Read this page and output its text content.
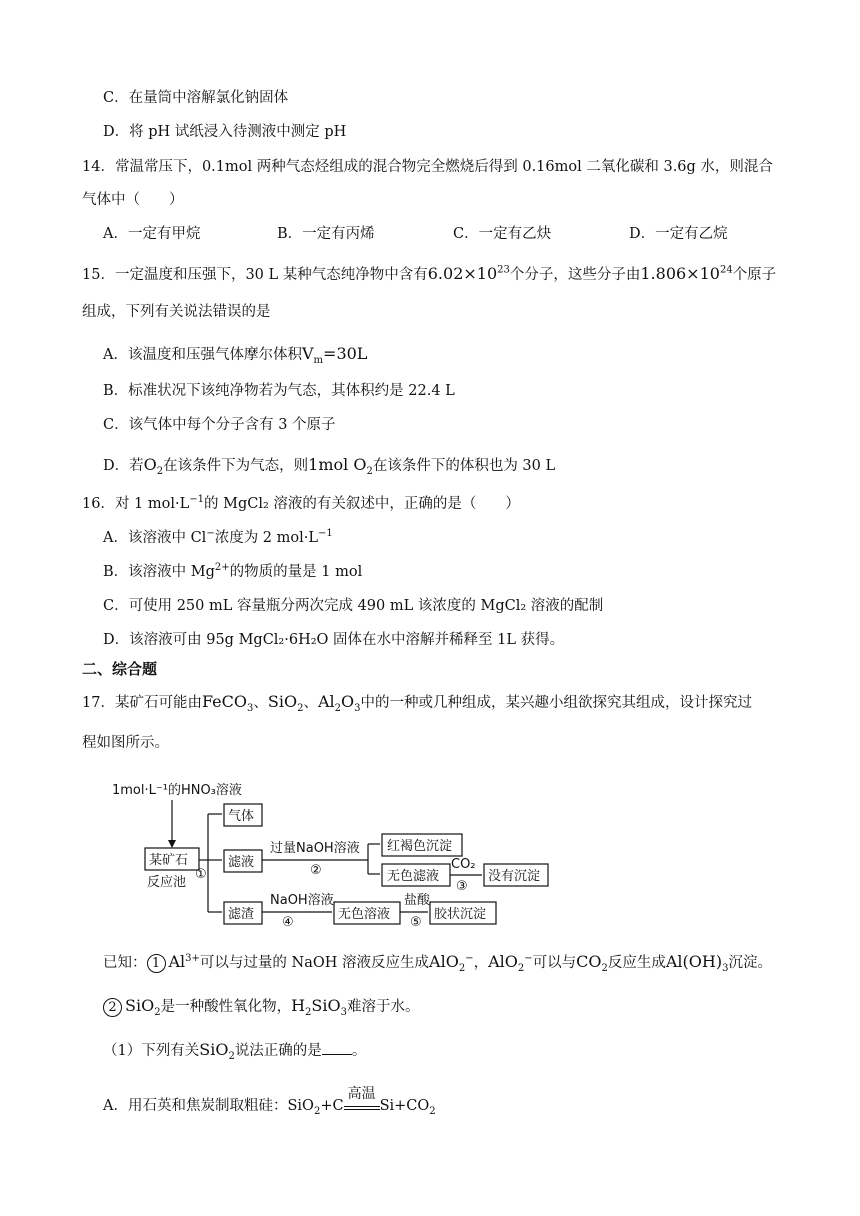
C．在量筒中溶解氯化钠固体
D．将 pH 试纸浸入待测液中测定 pH
14．常温常压下，0.1mol 两种气态烃组成的混合物完全燃烧后得到 0.16mol 二氧化碳和 3.6g 水，则混合
气体中（　　）
A．一定有甲烷	B．一定有丙烯	C．一定有乙炔	D．一定有乙烷
15．一定温度和压强下，30 L 某种气态纯净物中含有$6.02\times 10^{23}$个分子，这些分子由$1.806\times 10^{24}$个原子
组成，下列有关说法错误的是
A．该温度和压强气体摩尔体积$V_m=30L$
B．标准状况下该纯净物若为气态，其体积约是 22.4 L
C．该气体中每个分子含有 3 个原子
D．若$O_2$在该条件下为气态，则1mol $O_2$在该条件下的体积也为 30 L
16．对 1 $mol\cdot L^{-1}$的 MgCl₂ 溶液的有关叙述中，正确的是（　　）
A．该溶液中 Cl−浓度为 2 $mol\cdot L^{-1}$
B．该溶液中 $Mg^{2+}$的物质的量是 1 mol
C．可使用 250 mL 容量瓶分两次完成 490 mL 该浓度的 MgCl₂ 溶液的配制
D．该溶液可由 95g MgCl₂·6H₂O 固体在水中溶解并稀释至 1L 获得。
二、综合题
17．某矿石可能由FeCO$_3$、SiO$_2$、$Al_2O_3$中的一种或几种组成，某兴趣小组欲探究其组成，设计探究过
程如图所示。
1mol·L⁻¹的HNO₃溶液
某矿石
反应池
①
气体
滤液
过量NaOH溶液
②
红褐色沉淀
无色滤液
CO₂
③
没有沉淀
滤渣
NaOH溶液
④
无色溶液
盐酸
⑤
胶状沉淀
已知： 1 $Al^{3+}$可以与过量的 NaOH 溶液反应生成AlO$_2$−，AlO$_2$−可以与$CO_2$反应生成$Al(OH)_3$沉淀。
2 SiO$_2$是一种酸性氧化物，$H_2SiO_3$难溶于水。
（1）下列有关SiO$_2$说法正确的是 。
A．用石英和焦炭制取粗硅：SiO$_2$+C
高温
$Si+CO_2$
